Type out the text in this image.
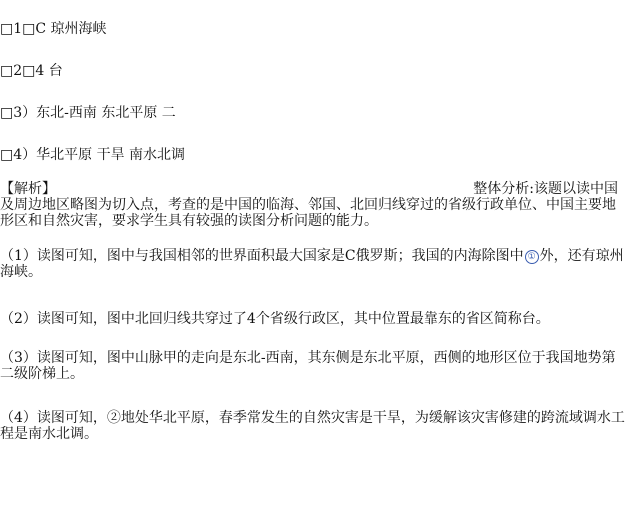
□1□C 琼州海峡
□2□4 台
□3）东北-西南 东北平原 二
□4）华北平原 干旱 南水北调
【解析】	整体分析:该题以读中国
及周边地区略图为切入点，考查的是中国的临海、邻国、北回归线穿过的省级行政单位、中国主要地形区和自然灾害，要求学生具有较强的读图分析问题的能力。
（1）读图可知，图中与我国相邻的世界面积最大国家是C俄罗斯；我国的内海除图中 ① 外，还有琼州海峡。
（2）读图可知，图中北回归线共穿过了4个省级行政区，其中位置最靠东的省区简称台。
（3）读图可知，图中山脉甲的走向是东北-西南，其东侧是东北平原，西侧的地形区位于我国地势第二级阶梯上。
（4）读图可知，②地处华北平原，春季常发生的自然灾害是干旱，为缓解该灾害修建的跨流域调水工程是南水北调。
